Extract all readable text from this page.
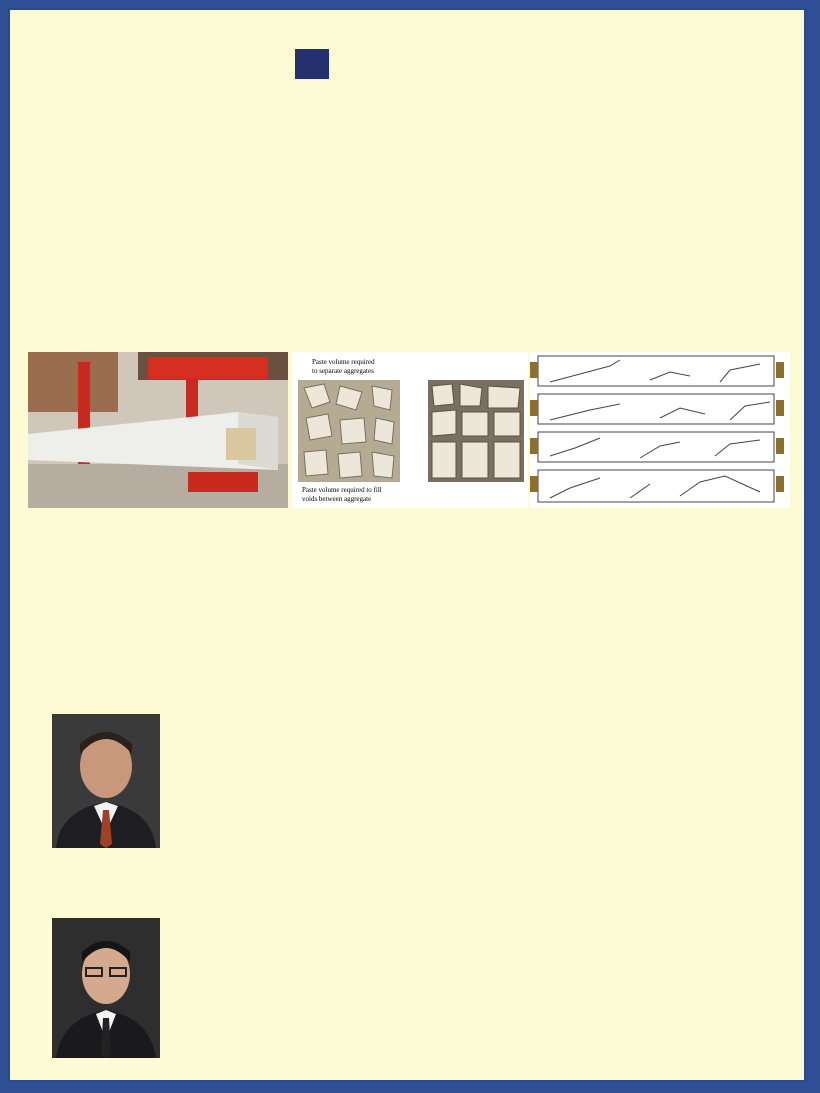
Paste volume required
to separate aggregates
Paste volume required to fill
voids between aggregate
